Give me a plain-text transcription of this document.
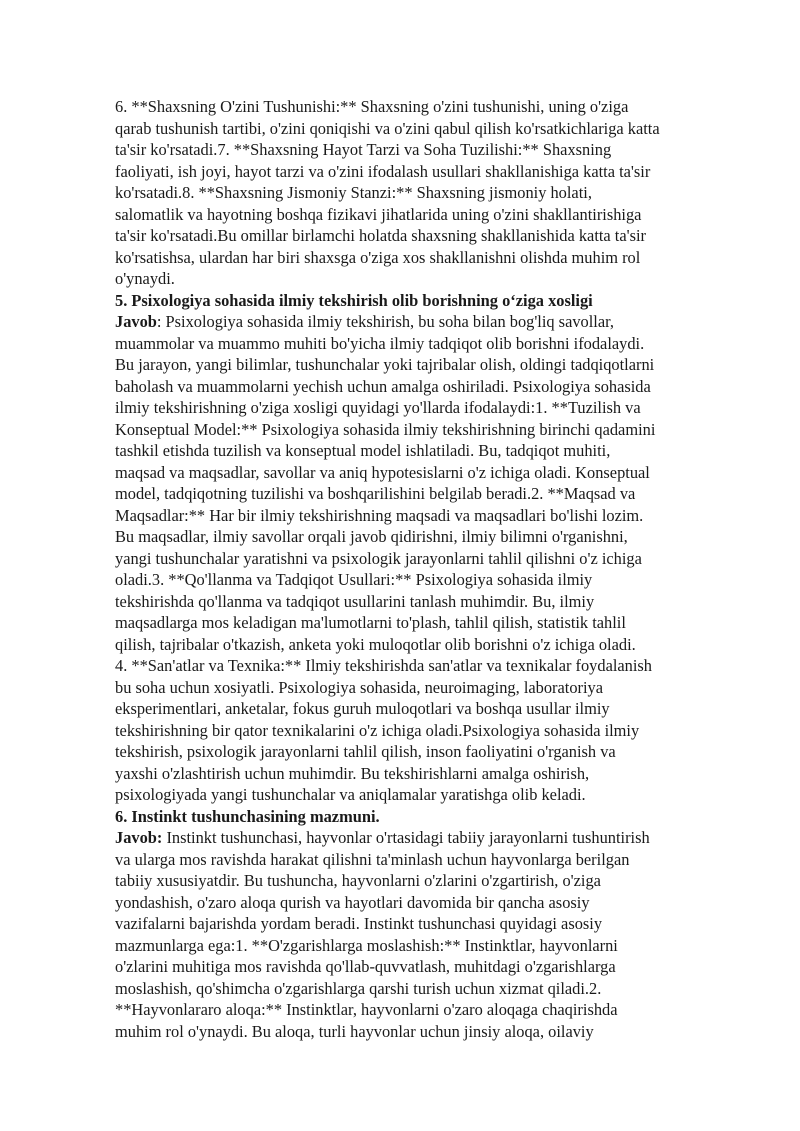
6. **Shaxsning O'zini Tushunishi:** Shaxsning o'zini tushunishi, uning o'ziga
qarab tushunish tartibi, o'zini qoniqishi va o'zini qabul qilish ko'rsatkichlariga katta
ta'sir ko'rsatadi.7. **Shaxsning Hayot Tarzi va Soha Tuzilishi:** Shaxsning
faoliyati, ish joyi, hayot tarzi va o'zini ifodalash usullari shakllanishiga katta ta'sir
ko'rsatadi.8. **Shaxsning Jismoniy Stanzi:** Shaxsning jismoniy holati,
salomatlik va hayotning boshqa fizikavi jihatlarida uning o'zini shakllantirishiga
ta'sir ko'rsatadi.Bu omillar birlamchi holatda shaxsning shakllanishida katta ta'sir
ko'rsatishsa, ulardan har biri shaxsga o'ziga xos shakllanishni olishda muhim rol
o'ynaydi.
5. Psixologiya sohasida ilmiy tekshirish olib borishning o‘ziga xosligi
Javob: Psixologiya sohasida ilmiy tekshirish, bu soha bilan bog'liq savollar,
muammolar va muammo muhiti bo'yicha ilmiy tadqiqot olib borishni ifodalaydi.
Bu jarayon, yangi bilimlar, tushunchalar yoki tajribalar olish, oldingi tadqiqotlarni
baholash va muammolarni yechish uchun amalga oshiriladi. Psixologiya sohasida
ilmiy tekshirishning o'ziga xosligi quyidagi yo'llarda ifodalaydi:1. **Tuzilish va
Konseptual Model:** Psixologiya sohasida ilmiy tekshirishning birinchi qadamini
tashkil etishda tuzilish va konseptual model ishlatiladi. Bu, tadqiqot muhiti,
maqsad va maqsadlar, savollar va aniq hypotesislarni o'z ichiga oladi. Konseptual
model, tadqiqotning tuzilishi va boshqarilishini belgilab beradi.2. **Maqsad va
Maqsadlar:** Har bir ilmiy tekshirishning maqsadi va maqsadlari bo'lishi lozim.
Bu maqsadlar, ilmiy savollar orqali javob qidirishni, ilmiy bilimni o'rganishni,
yangi tushunchalar yaratishni va psixologik jarayonlarni tahlil qilishni o'z ichiga
oladi.3. **Qo'llanma va Tadqiqot Usullari:** Psixologiya sohasida ilmiy
tekshirishda qo'llanma va tadqiqot usullarini tanlash muhimdir. Bu, ilmiy
maqsadlarga mos keladigan ma'lumotlarni to'plash, tahlil qilish, statistik tahlil
qilish, tajribalar o'tkazish, anketa yoki muloqotlar olib borishni o'z ichiga oladi.
4. **San'atlar va Texnika:** Ilmiy tekshirishda san'atlar va texnikalar foydalanish
bu soha uchun xosiyatli. Psixologiya sohasida, neuroimaging, laboratoriya
eksperimentlari, anketalar, fokus guruh muloqotlari va boshqa usullar ilmiy
tekshirishning bir qator texnikalarini o'z ichiga oladi.Psixologiya sohasida ilmiy
tekshirish, psixologik jarayonlarni tahlil qilish, inson faoliyatini o'rganish va
yaxshi o'zlashtirish uchun muhimdir. Bu tekshirishlarni amalga oshirish,
psixologiyada yangi tushunchalar va aniqlamalar yaratishga olib keladi.
6. Instinkt tushunchasining mazmuni.
Javob: Instinkt tushunchasi, hayvonlar o'rtasidagi tabiiy jarayonlarni tushuntirish
va ularga mos ravishda harakat qilishni ta'minlash uchun hayvonlarga berilgan
tabiiy xususiyatdir. Bu tushuncha, hayvonlarni o'zlarini o'zgartirish, o'ziga
yondashish, o'zaro aloqa qurish va hayotlari davomida bir qancha asosiy
vazifalarni bajarishda yordam beradi. Instinkt tushunchasi quyidagi asosiy
mazmunlarga ega:1. **O'zgarishlarga moslashish:** Instinktlar, hayvonlarni
o'zlarini muhitiga mos ravishda qo'llab-quvvatlash, muhitdagi o'zgarishlarga
moslashish, qo'shimcha o'zgarishlarga qarshi turish uchun xizmat qiladi.2.
**Hayvonlararo aloqa:** Instinktlar, hayvonlarni o'zaro aloqaga chaqirishda
muhim rol o'ynaydi. Bu aloqa, turli hayvonlar uchun jinsiy aloqa, oilaviy
